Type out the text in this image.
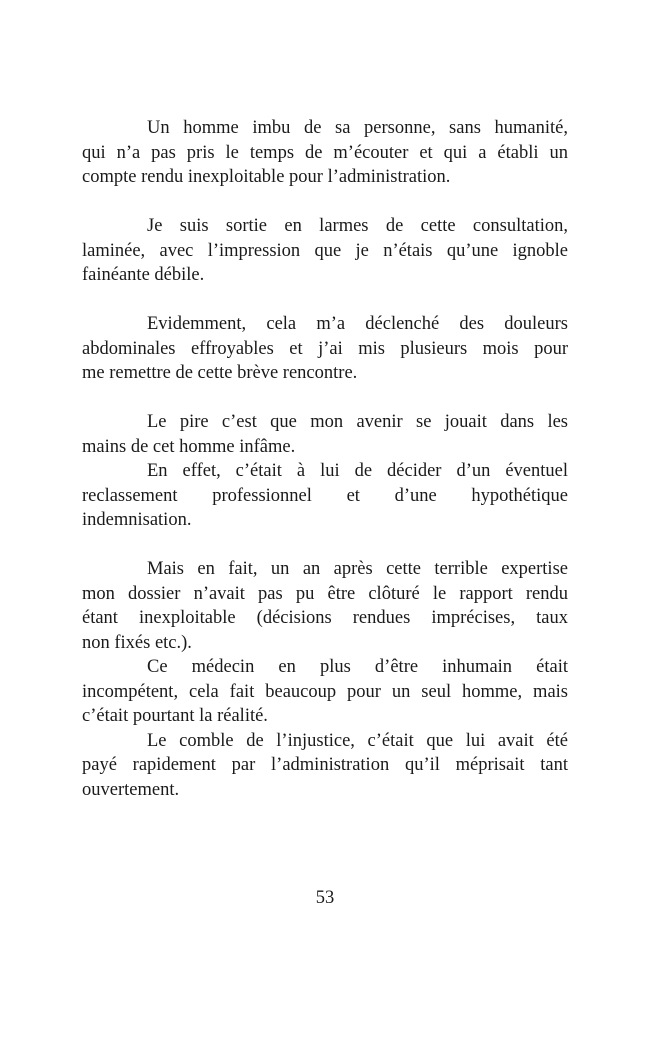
Un homme imbu de sa personne, sans humanité,
qui n’a pas pris le temps de m’écouter et qui a établi un
compte rendu inexploitable pour l’administration.

Je suis sortie en larmes de cette consultation,
laminée, avec l’impression que je n’étais qu’une ignoble
fainéante débile.

Evidemment, cela m’a déclenché des douleurs
abdominales effroyables et j’ai mis plusieurs mois pour
me remettre de cette brève rencontre.

Le pire c’est que mon avenir se jouait dans les
mains de cet homme infâme.

En effet, c’était à lui de décider d’un éventuel
reclassement professionnel et d’une hypothétique
indemnisation.

Mais en fait, un an après cette terrible expertise
mon dossier n’avait pas pu être clôturé le rapport rendu
étant inexploitable (décisions rendues imprécises, taux
non fixés etc.).

Ce médecin en plus d’être inhumain était
incompétent, cela fait beaucoup pour un seul homme, mais
c’était pourtant la réalité.

Le comble de l’injustice, c’était que lui avait été
payé rapidement par l’administration qu’il méprisait tant
ouvertement.

53
